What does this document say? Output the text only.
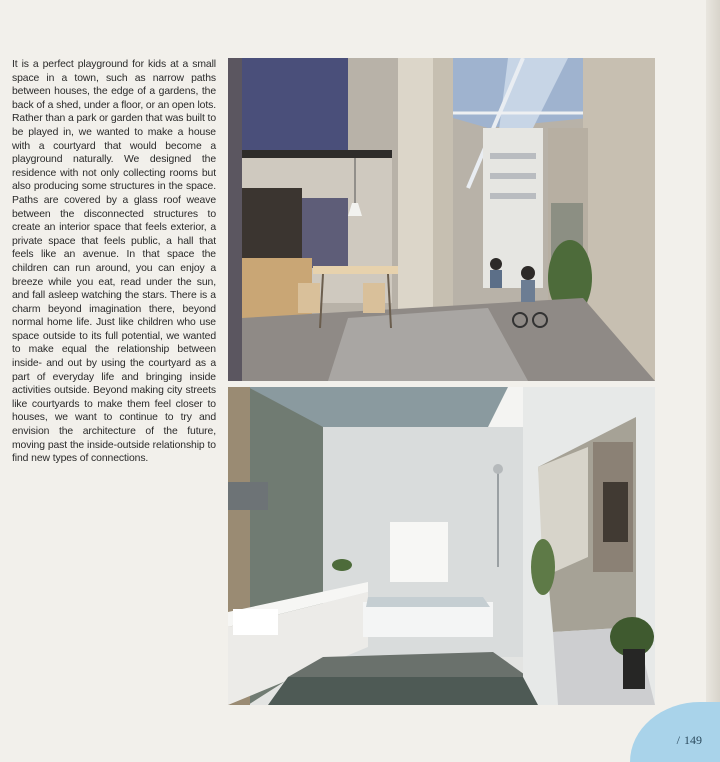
It is a perfect playground for kids at a small space in a town, such as narrow paths between houses, the edge of a gardens, the back of a shed, under a floor, or an open lots. Rather than a park or garden that was built to be played in, we wanted to make a house with a courtyard that would become a playground naturally. We designed the residence with not only collecting rooms but also producing some structures in the space. Paths are covered by a glass roof weave between the disconnected structures to create an interior space that feels exterior, a private space that feels public, a hall that feels like an avenue. In that space the children can run around, you can enjoy a breeze while you eat, read under the sun, and fall asleep watching the stars. There is a charm beyond imagination there, beyond normal home life. Just like children who use space outside to its full potential, we wanted to make equal the relationship between inside- and out by using the courtyard as a part of everyday life and bringing inside activities outside. Beyond making city streets like courtyards to make them feel closer to houses, we want to continue to try and envision the architecture of the future, moving past the inside-outside relationship to find new types of connections.
/ 149
